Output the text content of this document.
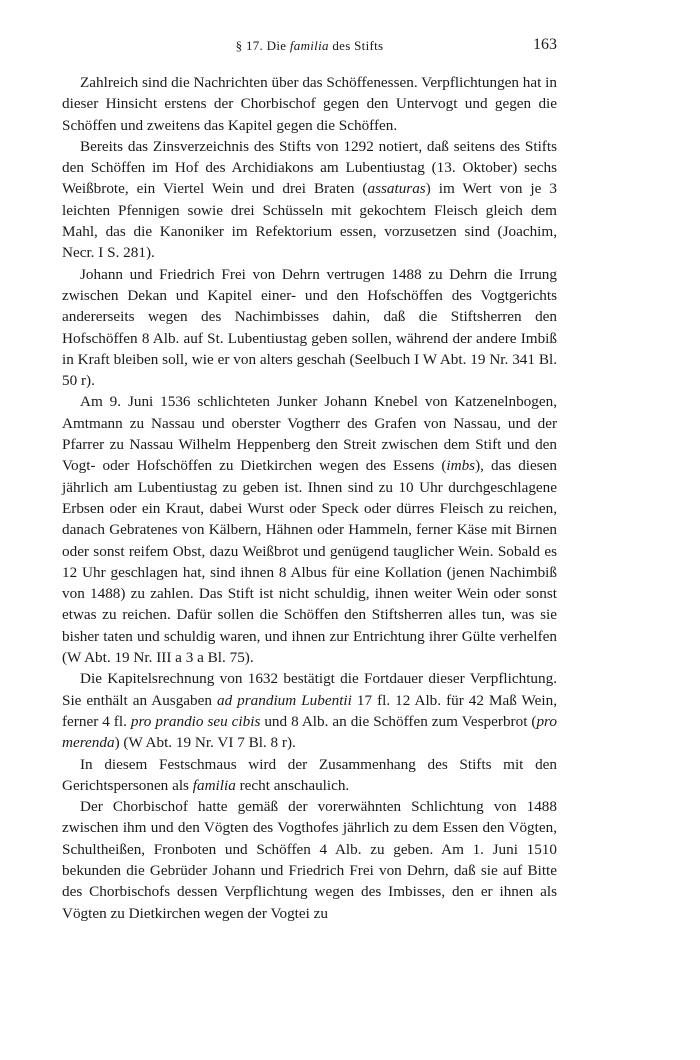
§ 17. Die familia des Stifts	163

Zahlreich sind die Nachrichten über das Schöffenessen. Verpflichtungen hat in dieser Hinsicht erstens der Chorbischof gegen den Untervogt und gegen die Schöffen und zweitens das Kapitel gegen die Schöffen.

Bereits das Zinsverzeichnis des Stifts von 1292 notiert, daß seitens des Stifts den Schöffen im Hof des Archidiakons am Lubentiustag (13. Oktober) sechs Weißbrote, ein Viertel Wein und drei Braten (assaturas) im Wert von je 3 leichten Pfennigen sowie drei Schüsseln mit gekochtem Fleisch gleich dem Mahl, das die Kanoniker im Refektorium essen, vorzusetzen sind (Joachim, Necr. I S. 281).

Johann und Friedrich Frei von Dehrn vertrugen 1488 zu Dehrn die Irrung zwischen Dekan und Kapitel einer- und den Hofschöffen des Vogtgerichts andererseits wegen des Nachimbisses dahin, daß die Stiftsherren den Hofschöffen 8 Alb. auf St. Lubentiustag geben sollen, während der andere Imbiß in Kraft bleiben soll, wie er von alters geschah (Seelbuch I W Abt. 19 Nr. 341 Bl. 50 r).

Am 9. Juni 1536 schlichteten Junker Johann Knebel von Katzenelnbogen, Amtmann zu Nassau und oberster Vogtherr des Grafen von Nassau, und der Pfarrer zu Nassau Wilhelm Heppenberg den Streit zwischen dem Stift und den Vogt- oder Hofschöffen zu Dietkirchen wegen des Essens (imbs), das diesen jährlich am Lubentiustag zu geben ist. Ihnen sind zu 10 Uhr durchgeschlagene Erbsen oder ein Kraut, dabei Wurst oder Speck oder dürres Fleisch zu reichen, danach Gebratenes von Kälbern, Hähnen oder Hammeln, ferner Käse mit Birnen oder sonst reifem Obst, dazu Weißbrot und genügend tauglicher Wein. Sobald es 12 Uhr geschlagen hat, sind ihnen 8 Albus für eine Kollation (jenen Nachimbiß von 1488) zu zahlen. Das Stift ist nicht schuldig, ihnen weiter Wein oder sonst etwas zu reichen. Dafür sollen die Schöffen den Stiftsherren alles tun, was sie bisher taten und schuldig waren, und ihnen zur Entrichtung ihrer Gülte verhelfen (W Abt. 19 Nr. III a 3 a Bl. 75).

Die Kapitelsrechnung von 1632 bestätigt die Fortdauer dieser Verpflichtung. Sie enthält an Ausgaben ad prandium Lubentii 17 fl. 12 Alb. für 42 Maß Wein, ferner 4 fl. pro prandio seu cibis und 8 Alb. an die Schöffen zum Vesperbrot (pro merenda) (W Abt. 19 Nr. VI 7 Bl. 8 r).

In diesem Festschmaus wird der Zusammenhang des Stifts mit den Gerichtspersonen als familia recht anschaulich.

Der Chorbischof hatte gemäß der vorerwähnten Schlichtung von 1488 zwischen ihm und den Vögten des Vogthofes jährlich zu dem Essen den Vögten, Schultheißen, Fronboten und Schöffen 4 Alb. zu geben. Am 1. Juni 1510 bekunden die Gebrüder Johann und Friedrich Frei von Dehrn, daß sie auf Bitte des Chorbischofs dessen Verpflichtung wegen des Imbisses, den er ihnen als Vögten zu Dietkirchen wegen der Vogtei zu
